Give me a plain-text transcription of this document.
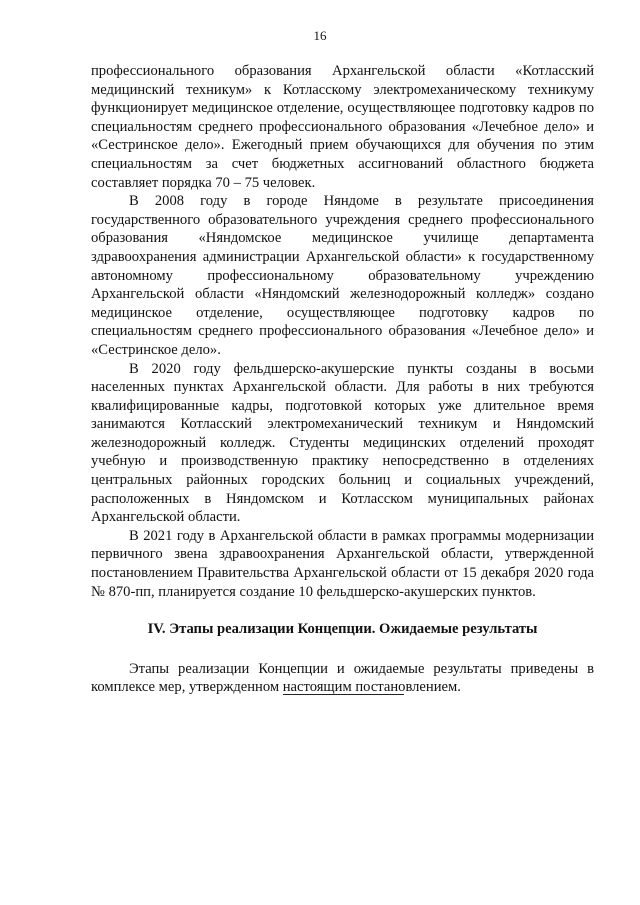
16

профессионального образования Архангельской области «Котласский медицинский техникум» к Котласскому электромеханическому техникуму функционирует медицинское отделение, осуществляющее подготовку кадров по специальностям среднего профессионального образования «Лечебное дело» и «Сестринское дело». Ежегодный прием обучающихся для обучения по этим специальностям за счет бюджетных ассигнований областного бюджета составляет порядка 70 – 75 человек.

В 2008 году в городе Няндоме в результате присоединения государственного образовательного учреждения среднего профессионального образования «Няндомское медицинское училище департамента здравоохранения администрации Архангельской области» к государственному автономному профессиональному образовательному учреждению Архангельской области «Няндомский железнодорожный колледж» создано медицинское отделение, осуществляющее подготовку кадров по специальностям среднего профессионального образования «Лечебное дело» и «Сестринское дело».

В 2020 году фельдшерско-акушерские пункты созданы в восьми населенных пунктах Архангельской области. Для работы в них требуются квалифицированные кадры, подготовкой которых уже длительное время занимаются Котласский электромеханический техникум и Няндомский железнодорожный колледж. Студенты медицинских отделений проходят учебную и производственную практику непосредственно в отделениях центральных районных городских больниц и социальных учреждений, расположенных в Няндомском и Котласском муниципальных районах Архангельской области.

В 2021 году в Архангельской области в рамках программы модернизации первичного звена здравоохранения Архангельской области, утвержденной постановлением Правительства Архангельской области от 15 декабря 2020 года № 870-пп, планируется создание 10 фельдшерско-акушерских пунктов.

IV. Этапы реализации Концепции. Ожидаемые результаты

Этапы реализации Концепции и ожидаемые результаты приведены в комплексе мер, утвержденном настоящим постановлением.
